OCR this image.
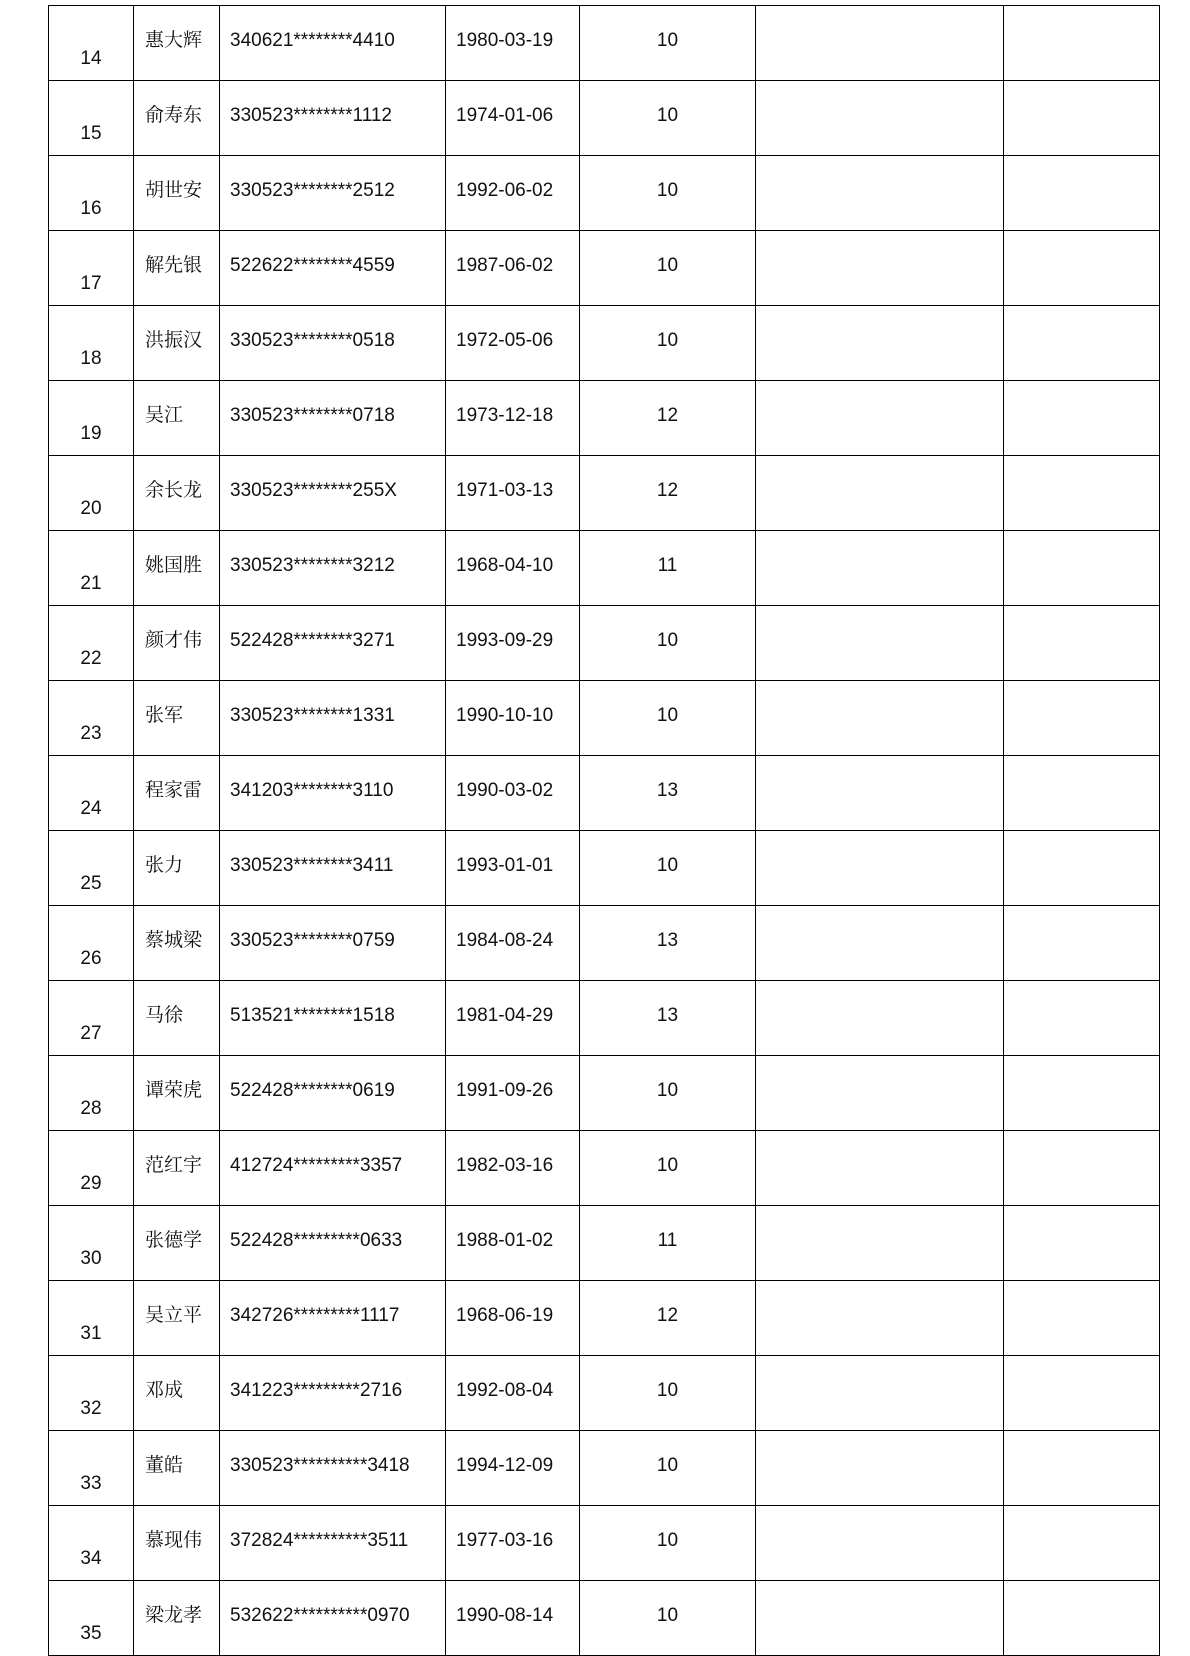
14	惠大辉	340621********4410	1980-03-19	10		
15	俞寿东	330523********1112	1974-01-06	10		
16	胡世安	330523********2512	1992-06-02	10		
17	解先银	522622********4559	1987-06-02	10		
18	洪振汉	330523********0518	1972-05-06	10		
19	吴江	330523********0718	1973-12-18	12		
20	余长龙	330523********255X	1971-03-13	12		
21	姚国胜	330523********3212	1968-04-10	11		
22	颜才伟	522428********3271	1993-09-29	10		
23	张军	330523********1331	1990-10-10	10		
24	程家雷	341203********3110	1990-03-02	13		
25	张力	330523********3411	1993-01-01	10		
26	蔡城梁	330523********0759	1984-08-24	13		
27	马徐	513521********1518	1981-04-29	13		
28	谭荣虎	522428********0619	1991-09-26	10		
29	范红宇	412724*********3357	1982-03-16	10		
30	张德学	522428*********0633	1988-01-02	11		
31	吴立平	342726*********1117	1968-06-19	12		
32	邓成	341223*********2716	1992-08-04	10		
33	董皓	330523**********3418	1994-12-09	10		
34	慕现伟	372824**********3511	1977-03-16	10		
35	梁龙孝	532622**********0970	1990-08-14	10		
